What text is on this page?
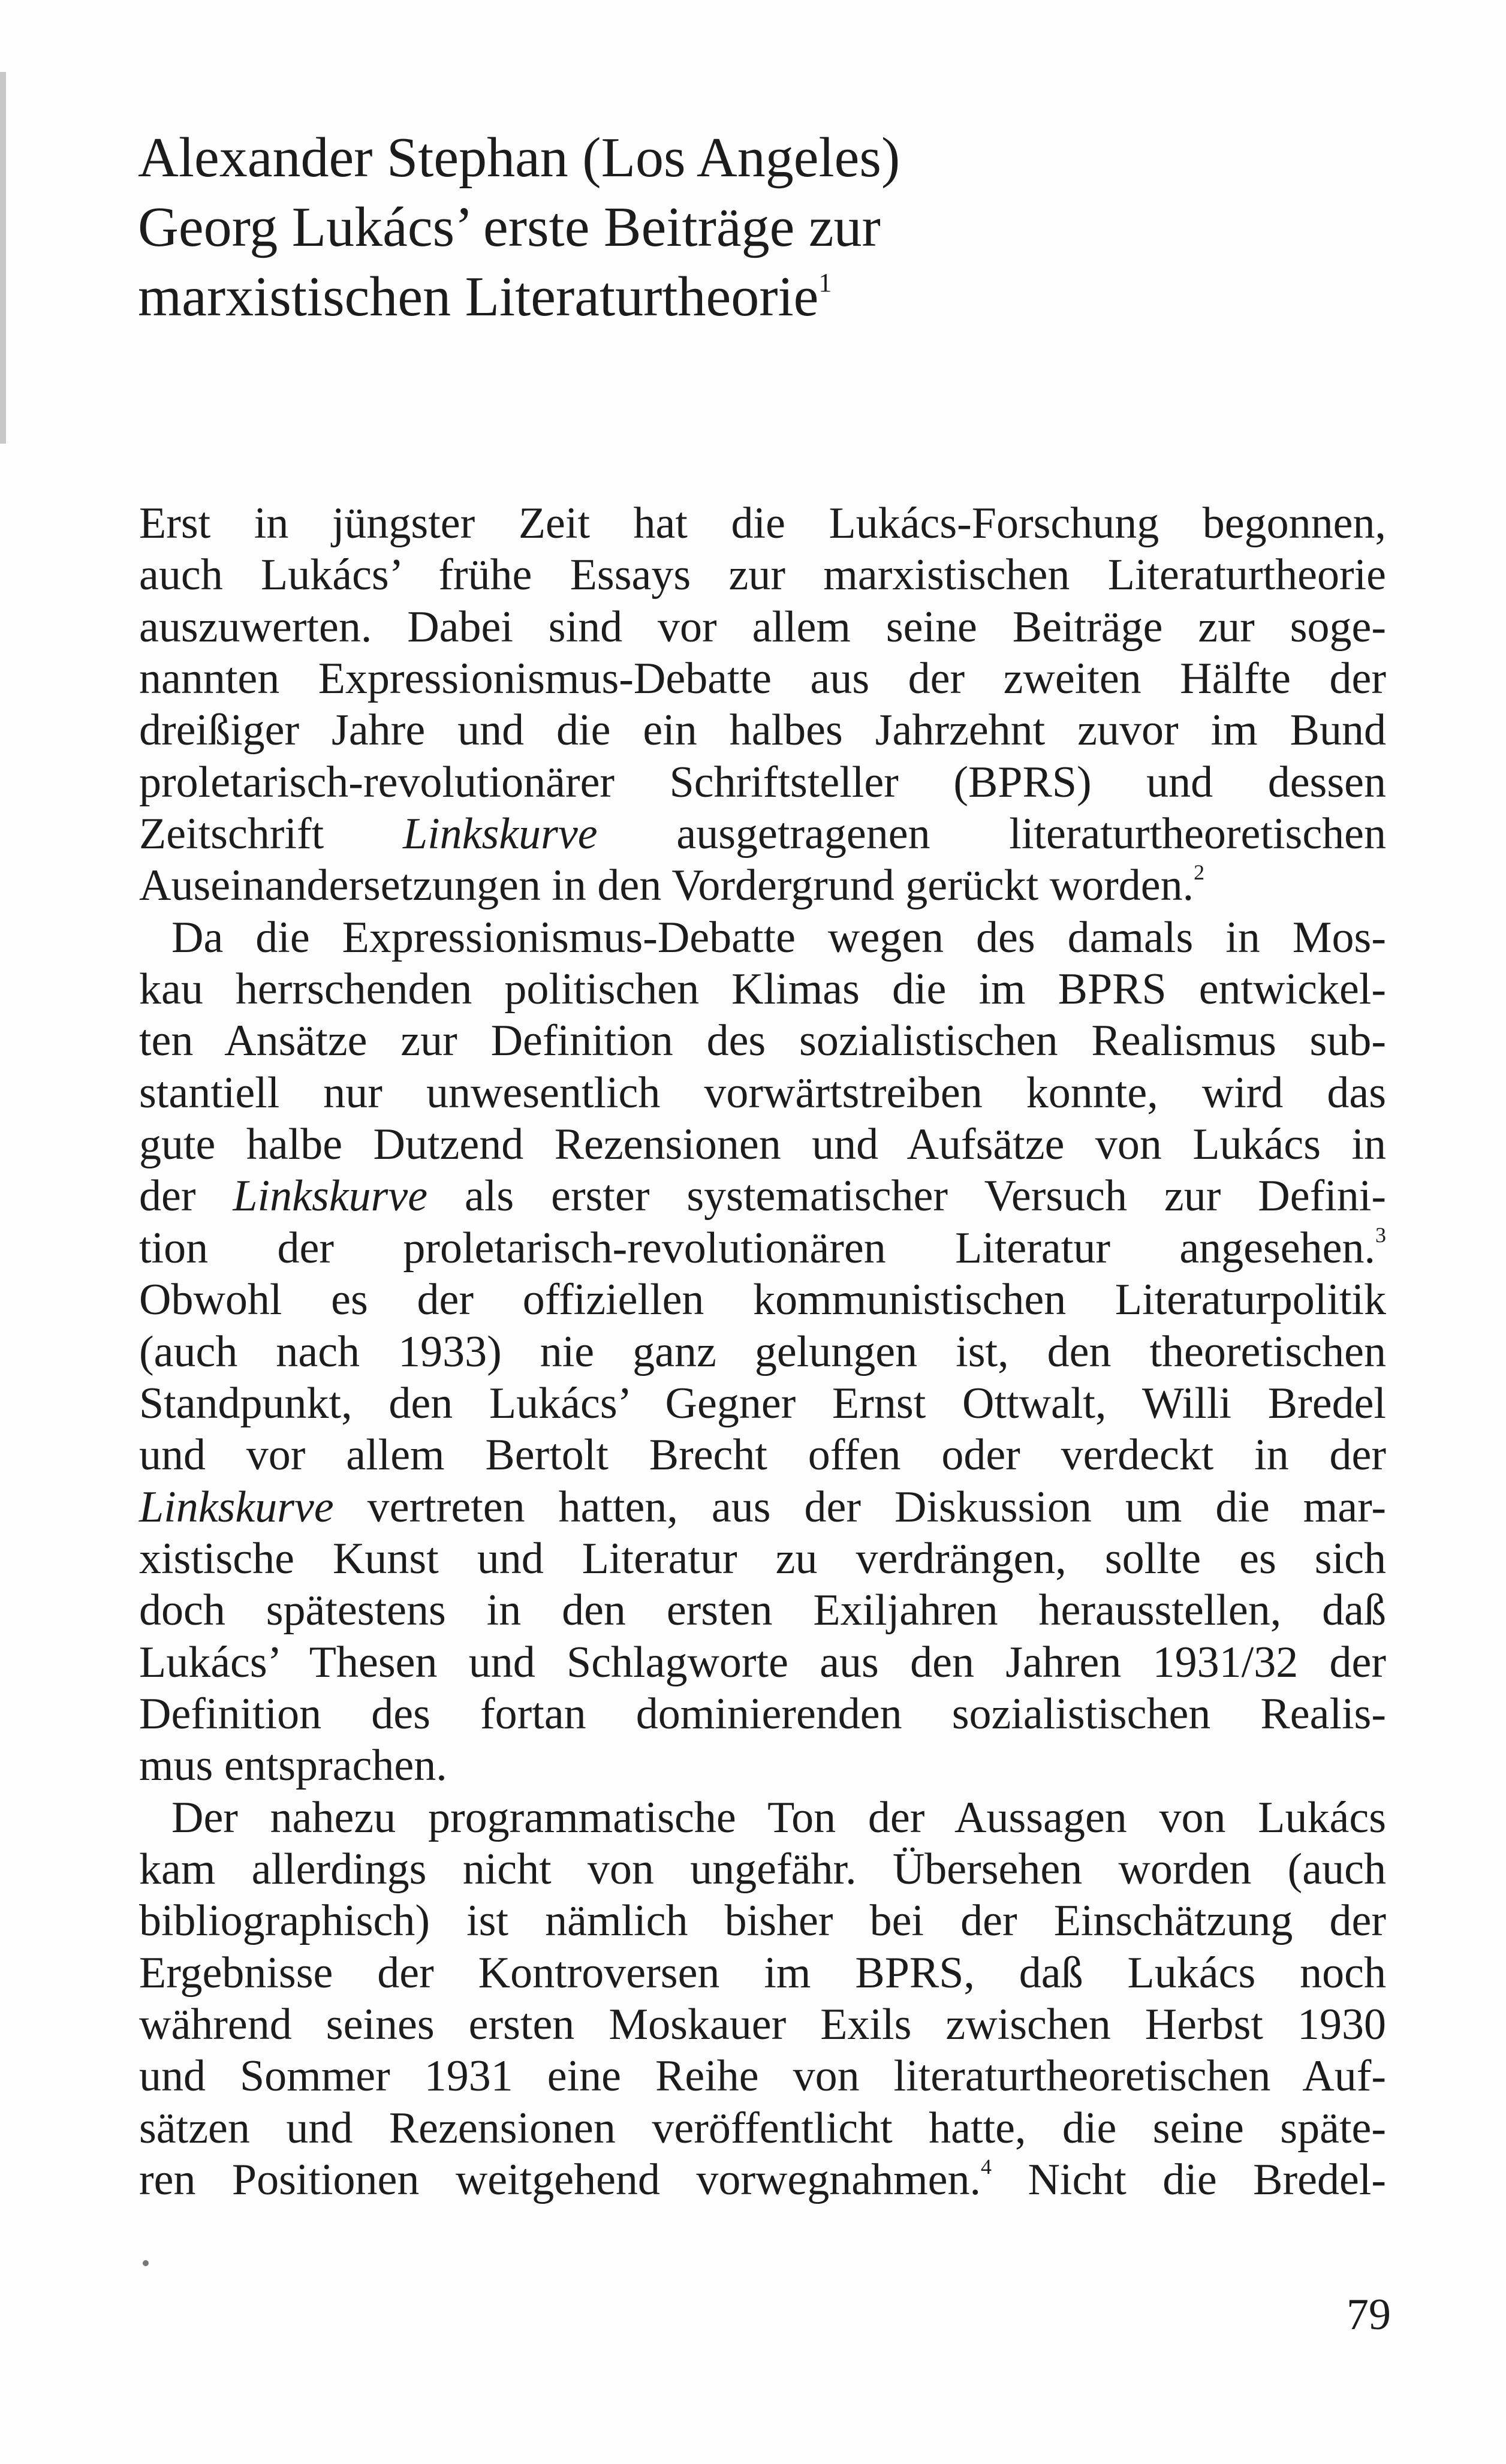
Alexander Stephan (Los Angeles)
Georg Lukács’ erste Beiträge zur
marxistischen Literaturtheorie$^1$
Erst in jüngster Zeit hat die Lukács-Forschung begonnen,
auch Lukács’ frühe Essays zur marxistischen Literaturtheorie
auszuwerten. Dabei sind vor allem seine Beiträge zur soge-
nannten Expressionismus-Debatte aus der zweiten Hälfte der
dreißiger Jahre und die ein halbes Jahrzehnt zuvor im Bund
proletarisch-revolutionärer Schriftsteller (BPRS) und dessen
Zeitschrift Linkskurve ausgetragenen literaturtheoretischen
Auseinandersetzungen in den Vordergrund gerückt worden.$^2$
Da die Expressionismus-Debatte wegen des damals in Mos-
kau herrschenden politischen Klimas die im BPRS entwickel-
ten Ansätze zur Definition des sozialistischen Realismus sub-
stantiell nur unwesentlich vorwärtstreiben konnte, wird das
gute halbe Dutzend Rezensionen und Aufsätze von Lukács in
der Linkskurve als erster systematischer Versuch zur Defini-
tion der proletarisch-revolutionären Literatur angesehen.$^3$
Obwohl es der offiziellen kommunistischen Literaturpolitik
(auch nach 1933) nie ganz gelungen ist, den theoretischen
Standpunkt, den Lukács’ Gegner Ernst Ottwalt, Willi Bredel
und vor allem Bertolt Brecht offen oder verdeckt in der
Linkskurve vertreten hatten, aus der Diskussion um die mar-
xistische Kunst und Literatur zu verdrängen, sollte es sich
doch spätestens in den ersten Exiljahren herausstellen, daß
Lukács’ Thesen und Schlagworte aus den Jahren 1931/32 der
Definition des fortan dominierenden sozialistischen Realis-
mus entsprachen.
Der nahezu programmatische Ton der Aussagen von Lukács
kam allerdings nicht von ungefähr. Übersehen worden (auch
bibliographisch) ist nämlich bisher bei der Einschätzung der
Ergebnisse der Kontroversen im BPRS, daß Lukács noch
während seines ersten Moskauer Exils zwischen Herbst 1930
und Sommer 1931 eine Reihe von literaturtheoretischen Auf-
sätzen und Rezensionen veröffentlicht hatte, die seine späte-
ren Positionen weitgehend vorwegnahmen.$^4$ Nicht die Bredel-
79
